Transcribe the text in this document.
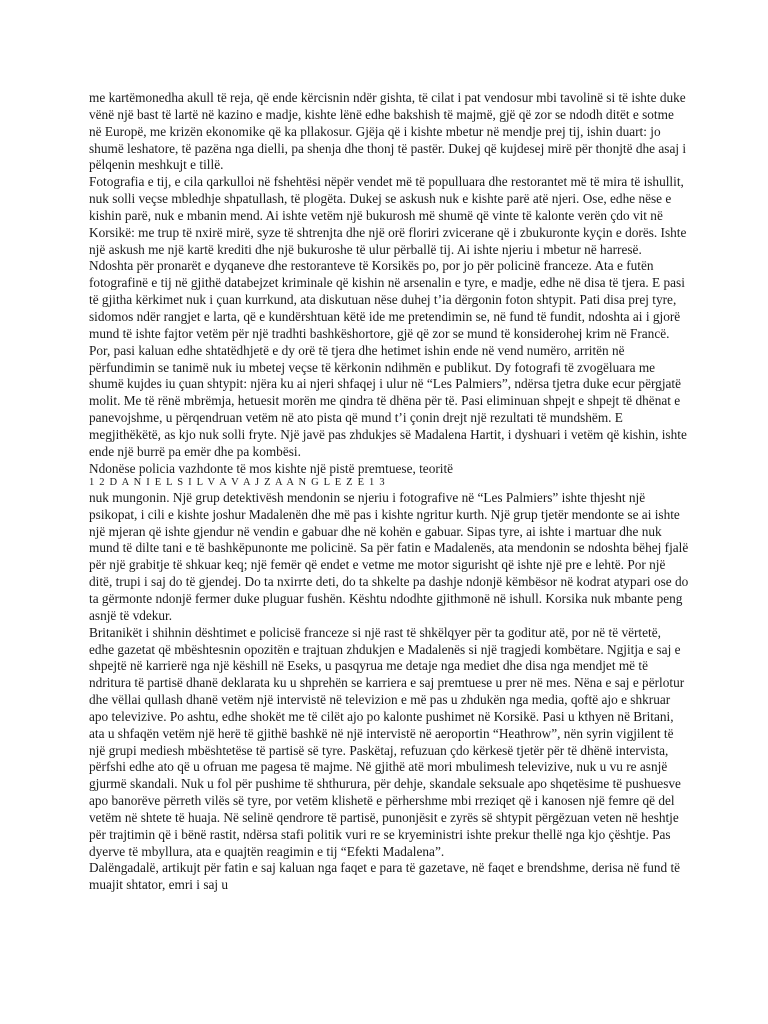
me kartëmonedha akull të reja, që ende kërcisnin ndër gishta, të cilat i pat vendosur mbi tavolinë si të ishte duke vënë një bast të lartë në kazino e madje, kishte lënë edhe bakshish të majmë, gjë që zor se ndodh ditët e sotme në Europë, me krizën ekonomike që ka pllakosur. Gjëja që i kishte mbetur në mendje prej tij, ishin duart: jo shumë leshatore, të pazëna nga dielli, pa shenja dhe thonj të pastër. Dukej që kujdesej mirë për thonjtë dhe asaj i pëlqenin meshkujt e tillë.

Fotografia e tij, e cila qarkulloi në fshehtësi nëpër vendet më të populluara dhe restorantet më të mira të ishullit, nuk solli veçse mbledhje shpatullash, të plogëta. Dukej se askush nuk e kishte parë atë njeri. Ose, edhe nëse e kishin parë, nuk e mbanin mend. Ai ishte vetëm një bukurosh më shumë që vinte të kalonte verën çdo vit në Korsikë: me trup të nxirë mirë, syze të shtrenjta dhe një orë floriri zvicerane që i zbukuronte kyçin e dorës. Ishte një askush me një kartë krediti dhe një bukuroshe të ulur përballë tij. Ai ishte njeriu i mbetur në harresë.

Ndoshta për pronarët e dyqaneve dhe restoranteve të Korsikës po, por jo për policinë franceze. Ata e futën fotografinë e tij në gjithë databejzet kriminale që kishin në arsenalin e tyre, e madje, edhe në disa të tjera. E pasi të gjitha kërkimet nuk i çuan kurrkund, ata diskutuan nëse duhej t’ia dërgonin foton shtypit. Pati disa prej tyre, sidomos ndër rangjet e larta, që e kundërshtuan këtë ide me pretendimin se, në fund të fundit, ndoshta ai i gjorë mund të ishte fajtor vetëm për një tradhti bashkëshortore, gjë që zor se mund të konsiderohej krim në Francë. Por, pasi kaluan edhe shtatëdhjetë e dy orë të tjera dhe hetimet ishin ende në vend numëro, arritën në përfundimin se tanimë nuk iu mbetej veçse të kërkonin ndihmën e publikut. Dy fotografi të zvogëluara me shumë kujdes iu çuan shtypit: njëra ku ai njeri shfaqej i ulur në “Les Palmiers”, ndërsa tjetra duke ecur përgjatë molit. Me të rënë mbrëmja, hetuesit morën me qindra të dhëna për të. Pasi eliminuan shpejt e shpejt të dhënat e panevojshme, u përqendruan vetëm në ato pista që mund t’i çonin drejt një rezultati të mundshëm. E megjithëkëtë, as kjo nuk solli fryte. Një javë pas zhdukjes së Madalena Hartit, i dyshuari i vetëm që kishin, ishte ende një burrë pa emër dhe pa kombësi.

Ndonëse policia vazhdonte të mos kishte një pistë premtuese, teoritë

1 2 D A N I E L S I L V A V A J Z A A N G L E Z E 1 3

nuk mungonin. Një grup detektivësh mendonin se njeriu i fotografive në “Les Palmiers” ishte thjesht një psikopat, i cili e kishte joshur Madalenën dhe më pas i kishte ngritur kurth. Një grup tjetër mendonte se ai ishte një mjeran që ishte gjendur në vendin e gabuar dhe në kohën e gabuar. Sipas tyre, ai ishte i martuar dhe nuk mund të dilte tani e të bashkëpunonte me policinë. Sa për fatin e Madalenës, ata mendonin se ndoshta bëhej fjalë për një grabitje të shkuar keq; një femër që endet e vetme me motor sigurisht që ishte një pre e lehtë. Por një ditë, trupi i saj do të gjendej. Do ta nxirrte deti, do ta shkelte pa dashje ndonjë këmbësor në kodrat atypari ose do ta gërmonte ndonjë fermer duke pluguar fushën. Kështu ndodhte gjithmonë në ishull. Korsika nuk mbante peng asnjë të vdekur.

Britanikët i shihnin dështimet e policisë franceze si një rast të shkëlqyer për ta goditur atë, por në të vërtetë, edhe gazetat që mbështesnin opozitën e trajtuan zhdukjen e Madalenës si një tragjedi kombëtare. Ngjitja e saj e shpejtë në karrierë nga një këshill në Eseks, u pasqyrua me detaje nga mediet dhe disa nga mendjet më të ndritura të partisë dhanë deklarata ku u shprehën se karriera e saj premtuese u prer në mes. Nëna e saj e përlotur dhe vëllai qullash dhanë vetëm një intervistë në televizion e më pas u zhdukën nga media, qoftë ajo e shkruar apo televizive. Po ashtu, edhe shokët me të cilët ajo po kalonte pushimet në Korsikë. Pasi u kthyen në Britani, ata u shfaqën vetëm një herë të gjithë bashkë në një intervistë në aeroportin “Heathrow”, nën syrin vigjilent të një grupi mediesh mbështetëse të partisë së tyre. Paskëtaj, refuzuan çdo kërkesë tjetër për të dhënë intervista, përfshi edhe ato që u ofruan me pagesa të majme. Në gjithë atë mori mbulimesh televizive, nuk u vu re asnjë gjurmë skandali. Nuk u fol për pushime të shthurura, për dehje, skandale seksuale apo shqetësime të pushuesve apo banorëve përreth vilës së tyre, por vetëm klishetë e përhershme mbi rreziqet që i kanosen një femre që del vetëm në shtete të huaja. Në selinë qendrore të partisë, punonjësit e zyrës së shtypit përgëzuan veten në heshtje për trajtimin që i bënë rastit, ndërsa stafi politik vuri re se kryeministri ishte prekur thellë nga kjo çështje. Pas dyerve të mbyllura, ata e quajtën reagimin e tij “Efekti Madalena”.

Dalëngadalë, artikujt për fatin e saj kaluan nga faqet e para të gazetave, në faqet e brendshme, derisa në fund të muajit shtator, emri i saj u
